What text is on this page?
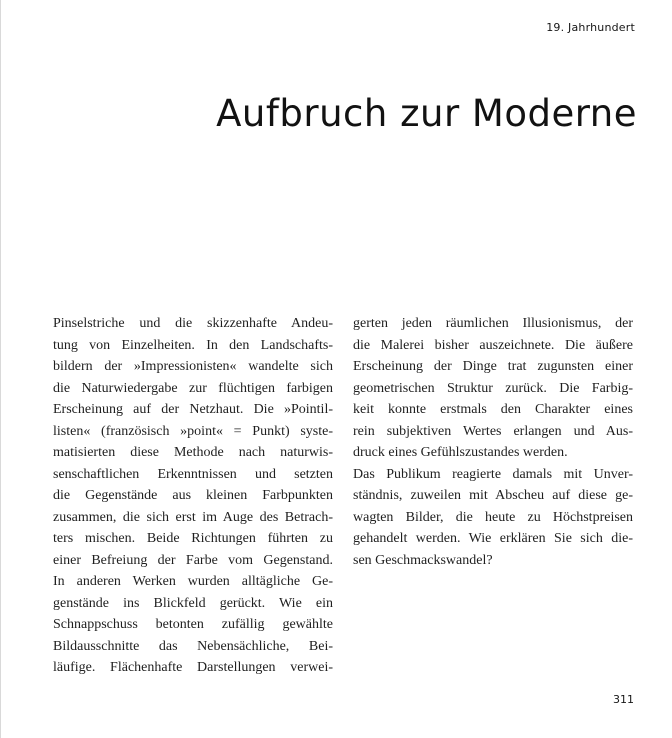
19. Jahrhundert
Aufbruch zur Moderne
Pinselstriche und die skizzenhafte Andeu-
tung von Einzelheiten. In den Landschafts-
bildern der »Impressionisten« wandelte sich
die Naturwiedergabe zur flüchtigen farbigen
Erscheinung auf der Netzhaut. Die »Pointil-
listen« (französisch »point« = Punkt) syste-
matisierten diese Methode nach naturwis-
senschaftlichen Erkenntnissen und setzten
die Gegenstände aus kleinen Farbpunkten
zusammen, die sich erst im Auge des Betrach-
ters mischen. Beide Richtungen führten zu
einer Befreiung der Farbe vom Gegenstand.
In anderen Werken wurden alltägliche Ge-
genstände ins Blickfeld gerückt. Wie ein
Schnappschuss betonten zufällig gewählte
Bildausschnitte das Nebensächliche, Bei-
läufige. Flächenhafte Darstellungen verwei-
gerten jeden räumlichen Illusionismus, der
die Malerei bisher auszeichnete. Die äußere
Erscheinung der Dinge trat zugunsten einer
geometrischen Struktur zurück. Die Farbig-
keit konnte erstmals den Charakter eines
rein subjektiven Wertes erlangen und Aus-
druck eines Gefühlszustandes werden.
Das Publikum reagierte damals mit Unver-
ständnis, zuweilen mit Abscheu auf diese ge-
wagten Bilder, die heute zu Höchstpreisen
gehandelt werden. Wie erklären Sie sich die-
sen Geschmackswandel?
311
